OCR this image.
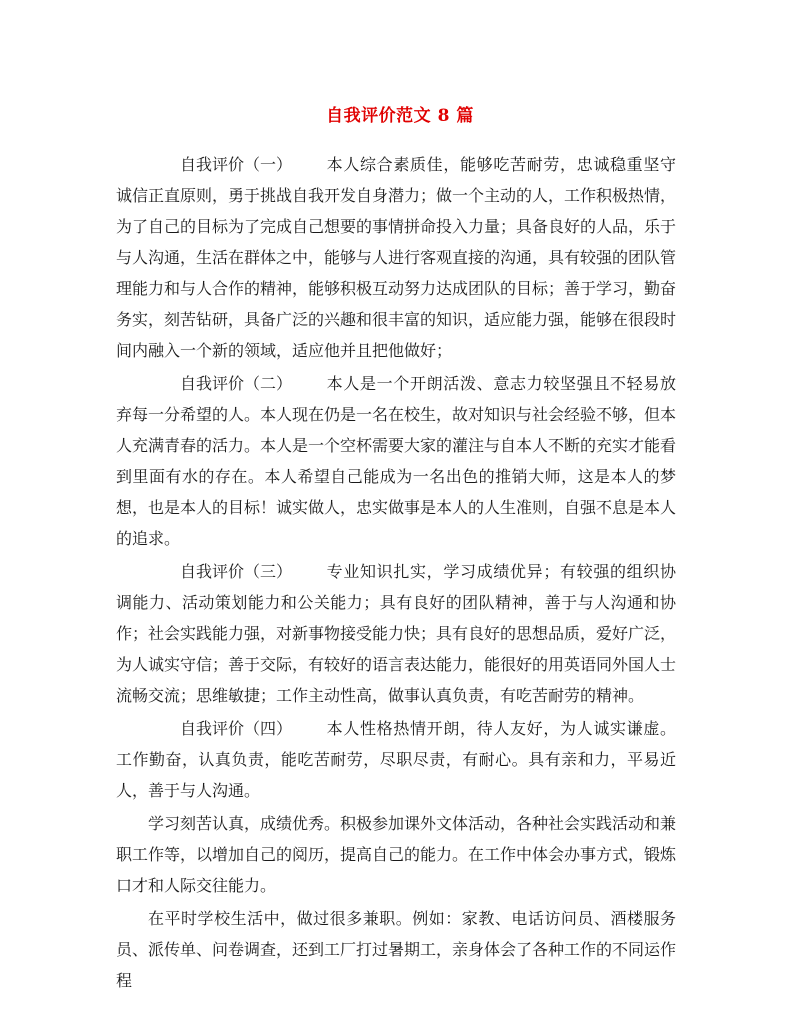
自我评价范文 8 篇

自我评价（一） 本人综合素质佳，能够吃苦耐劳，忠诚稳重坚守诚信正直原则，勇于挑战自我开发自身潜力；做一个主动的人，工作积极热情，为了自己的目标为了完成自己想要的事情拼命投入力量；具备良好的人品，乐于与人沟通，生活在群体之中，能够与人进行客观直接的沟通，具有较强的团队管理能力和与人合作的精神，能够积极互动努力达成团队的目标；善于学习，勤奋务实，刻苦钻研，具备广泛的兴趣和很丰富的知识，适应能力强，能够在很段时间内融入一个新的领域，适应他并且把他做好；

自我评价（二） 本人是一个开朗活泼、意志力较坚强且不轻易放弃每一分希望的人。本人现在仍是一名在校生，故对知识与社会经验不够，但本人充满青春的活力。本人是一个空杯需要大家的灌注与自本人不断的充实才能看到里面有水的存在。本人希望自己能成为一名出色的推销大师，这是本人的梦想，也是本人的目标！诚实做人，忠实做事是本人的人生准则，自强不息是本人的追求。

自我评价（三） 专业知识扎实，学习成绩优异；有较强的组织协调能力、活动策划能力和公关能力；具有良好的团队精神，善于与人沟通和协作；社会实践能力强，对新事物接受能力快；具有良好的思想品质，爱好广泛，为人诚实守信；善于交际，有较好的语言表达能力，能很好的用英语同外国人士流畅交流；思维敏捷；工作主动性高，做事认真负责，有吃苦耐劳的精神。

自我评价（四） 本人性格热情开朗，待人友好，为人诚实谦虚。工作勤奋，认真负责，能吃苦耐劳，尽职尽责，有耐心。具有亲和力，平易近人，善于与人沟通。

学习刻苦认真，成绩优秀。积极参加课外文体活动，各种社会实践活动和兼职工作等，以增加自己的阅历，提高自己的能力。在工作中体会办事方式，锻炼口才和人际交往能力。

在平时学校生活中，做过很多兼职。例如：家教、电话访问员、酒楼服务员、派传单、问卷调查，还到工厂打过暑期工，亲身体会了各种工作的不同运作程
